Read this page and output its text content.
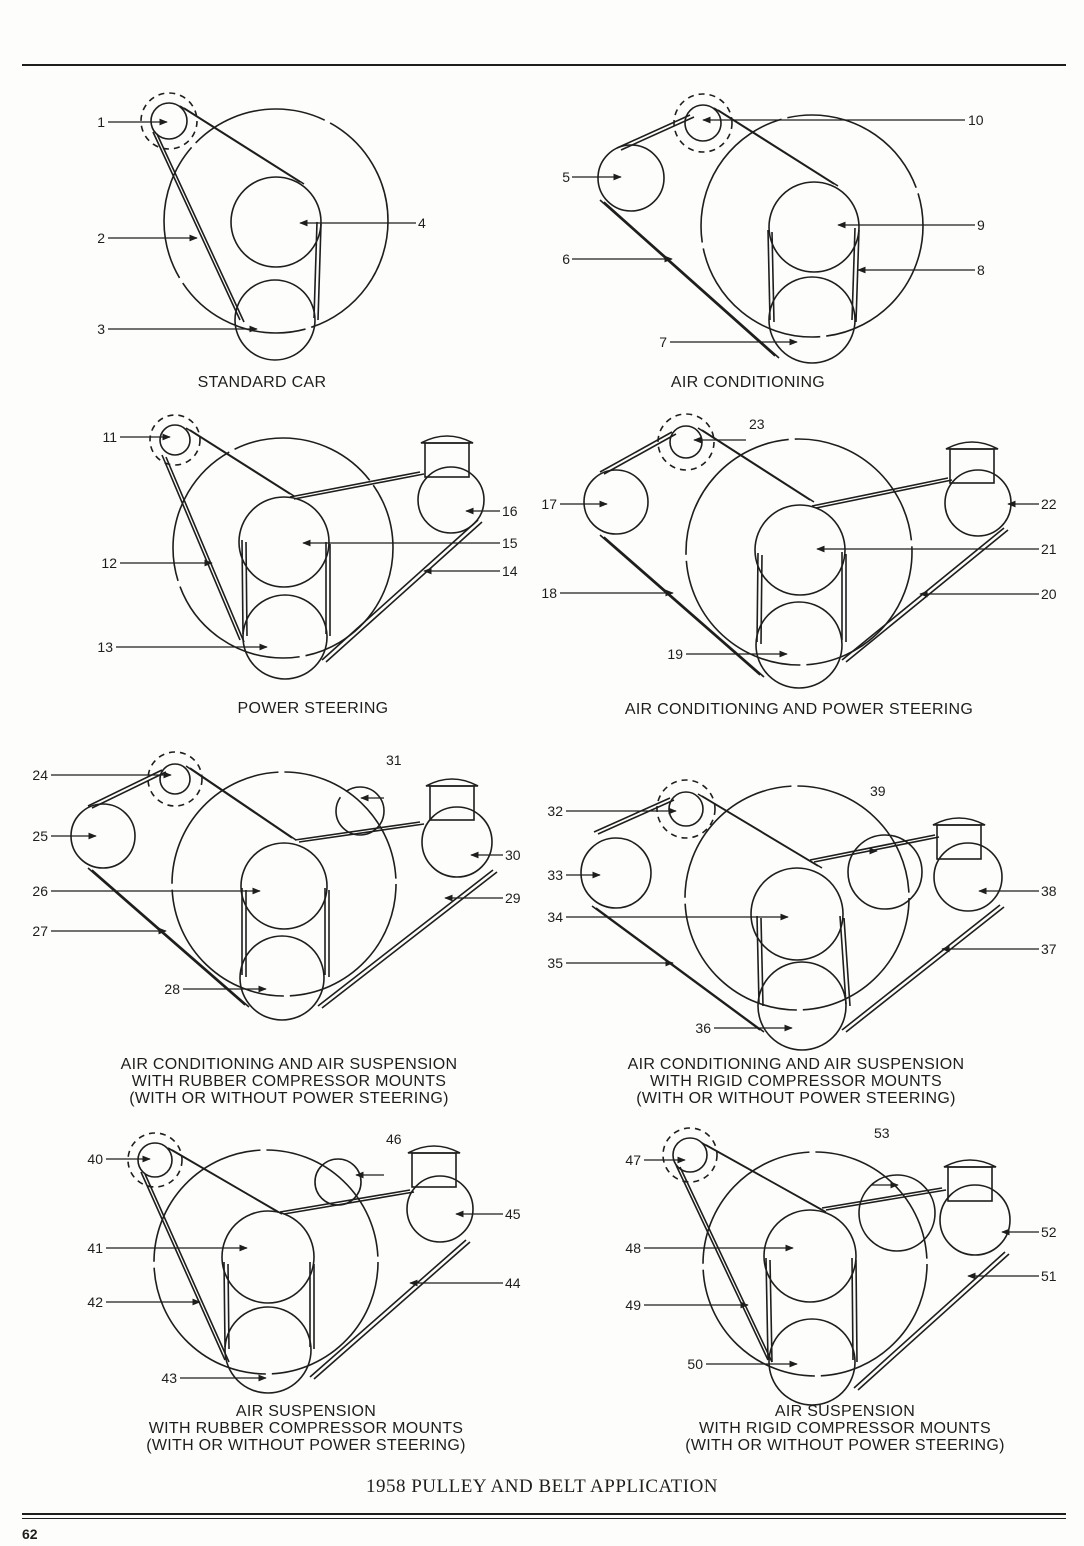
1
2
3
4
STANDARD CAR
5
6
7
8
9
10
AIR CONDITIONING
11
12
13
14
15
16
POWER STEERING
17
18
19
20
21
22
23
AIR CONDITIONING AND POWER STEERING
24
25
26
27
28
29
30
31
AIR CONDITIONING AND AIR SUSPENSION
WITH RUBBER COMPRESSOR MOUNTS
(WITH OR WITHOUT POWER STEERING)
32
33
34
35
36
37
38
39
AIR CONDITIONING AND AIR SUSPENSION
WITH RIGID COMPRESSOR MOUNTS
(WITH OR WITHOUT POWER STEERING)
40
41
42
43
44
45
46
AIR SUSPENSION
WITH RUBBER COMPRESSOR MOUNTS
(WITH OR WITHOUT POWER STEERING)
47
48
49
50
51
52
53
AIR SUSPENSION
WITH RIGID COMPRESSOR MOUNTS
(WITH OR WITHOUT POWER STEERING)
1958 PULLEY AND BELT APPLICATION
62
